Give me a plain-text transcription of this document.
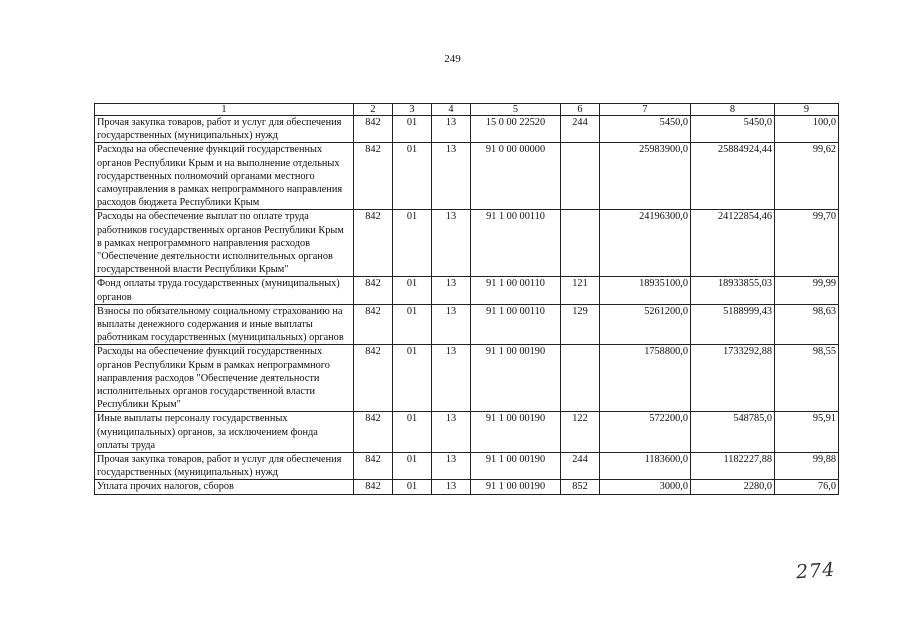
249
1	2	3	4	5	6	7	8	9
Прочая закупка товаров, работ и услуг для обеспечения государственных (муниципальных) нужд	842	01	13	15 0 00 22520	244	5450,0	5450,0	100,0
Расходы на обеспечение функций государственных органов Республики Крым и на выполнение отдельных государственных полномочий органами местного самоуправления в рамках непрограммного направления расходов бюджета Республики Крым	842	01	13	91 0 00 00000		25983900,0	25884924,44	99,62
Расходы на обеспечение выплат по оплате труда работников государственных органов Республики Крым в рамках непрограммного направления расходов "Обеспечение деятельности исполнительных органов государственной власти Республики Крым"	842	01	13	91 1 00 00110		24196300,0	24122854,46	99,70
Фонд оплаты труда государственных (муниципальных) органов	842	01	13	91 1 00 00110	121	18935100,0	18933855,03	99,99
Взносы по обязательному социальному страхованию на выплаты денежного содержания и иные выплаты работникам государственных (муниципальных) органов	842	01	13	91 1 00 00110	129	5261200,0	5188999,43	98,63
Расходы на обеспечение функций государственных органов Республики Крым в рамках непрограммного направления расходов "Обеспечение деятельности исполнительных органов государственной власти Республики Крым"	842	01	13	91 1 00 00190		1758800,0	1733292,88	98,55
Иные выплаты персоналу государственных (муниципальных) органов, за исключением фонда оплаты труда	842	01	13	91 1 00 00190	122	572200,0	548785,0	95,91
Прочая закупка товаров, работ и услуг для обеспечения государственных (муниципальных) нужд	842	01	13	91 1 00 00190	244	1183600,0	1182227,88	99,88
Уплата прочих налогов, сборов	842	01	13	91 1 00 00190	852	3000,0	2280,0	76,0
274
